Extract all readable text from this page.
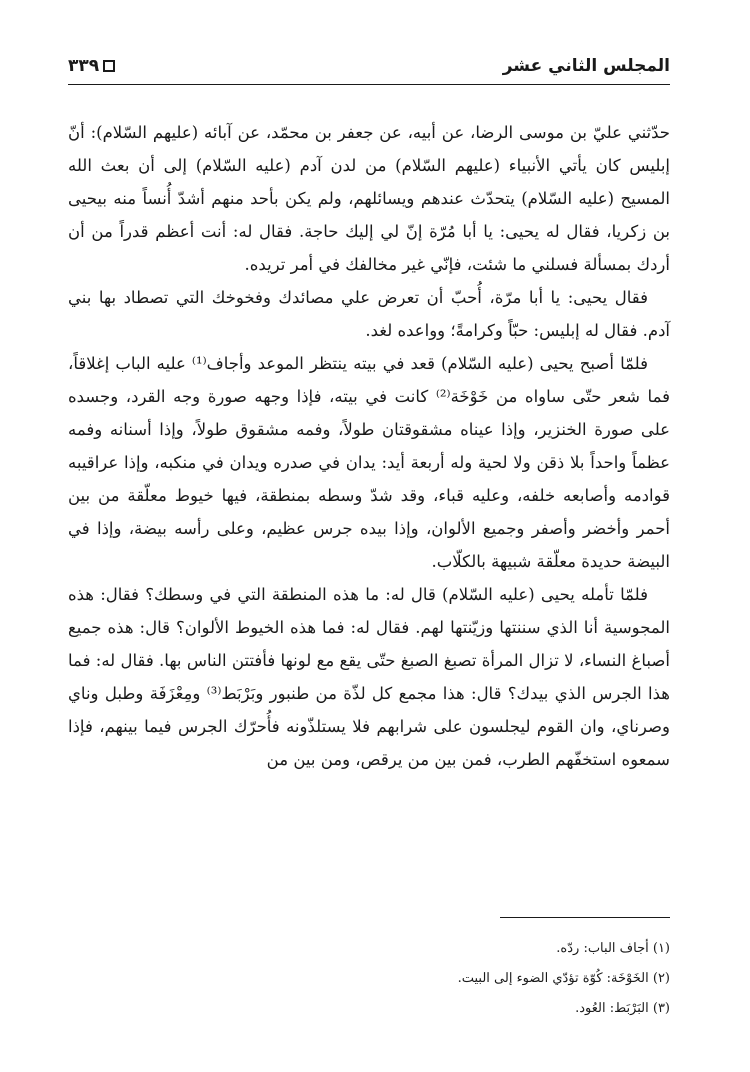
المجلس الثاني عشر
٣٣٩

حدّثني عليّ بن موسى الرضا، عن أبيه، عن جعفر بن محمّد، عن آبائه (عليهم السّلام): أنّ إبليس كان يأتي الأنبياء (عليهم السّلام) من لدن آدم (عليه السّلام) إلى أن بعث الله المسيح (عليه السّلام) يتحدّث عندهم ويسائلهم، ولم يكن بأحد منهم أشدّ أُنساً منه بيحيى بن زكريا، فقال له يحيى: يا أبا مُرّة إنّ لي إليك حاجة. فقال له: أنت أعظم قدراً من أن أردك بمسألة فسلني ما شئت، فإنّي غير مخالفك في أمر تريده.

فقال يحيى: يا أبا مرّة، أُحبّ أن تعرض علي مصائدك وفخوخك التي تصطاد بها بني آدم. فقال له إبليس: حبّاً وكرامةً؛ وواعده لغد.

فلمّا أصبح يحيى (عليه السّلام) قعد في بيته ينتظر الموعد وأجاف⁽¹⁾ عليه الباب إغلاقاً، فما شعر حتّى ساواه من خَوْخَة⁽²⁾ كانت في بيته، فإذا وجهه صورة وجه القرد، وجسده على صورة الخنزير، وإذا عيناه مشقوقتان طولاً، وفمه مشقوق طولاً، وإذا أسنانه وفمه عظماً واحداً بلا ذقن ولا لحية وله أربعة أيد: يدان في صدره ويدان في منكبه، وإذا عراقيبه قوادمه وأصابعه خلفه، وعليه قباء، وقد شدّ وسطه بمنطقة، فيها خيوط معلّقة من بين أحمر وأخضر وأصفر وجميع الألوان، وإذا بيده جرس عظيم، وعلى رأسه بيضة، وإذا في البيضة حديدة معلّقة شبيهة بالكلّاب.

فلمّا تأمله يحيى (عليه السّلام) قال له: ما هذه المنطقة التي في وسطك؟ فقال: هذه المجوسية أنا الذي سننتها وزيّنتها لهم. فقال له: فما هذه الخيوط الألوان؟ قال: هذه جميع أصباغ النساء، لا تزال المرأة تصبغ الصبغ حتّى يقع مع لونها فأفتتن الناس بها. فقال له: فما هذا الجرس الذي بيدك؟ قال: هذا مجمع كل لذّة من طنبور وبَرْبَط⁽³⁾ ومِعْزَفَة وطبل وناي وصرناي، وان القوم ليجلسون على شرابهم فلا يستلذّونه فأُحرّك الجرس فيما بينهم، فإذا سمعوه استخفّهم الطرب، فمن بين من يرقص، ومن بين من

(١) أجاف الباب: ردّه.
(٢) الخَوْخَة: كُوّة تؤدّي الضوء إلى البيت.
(٣) البَرْبَط: العُود.
